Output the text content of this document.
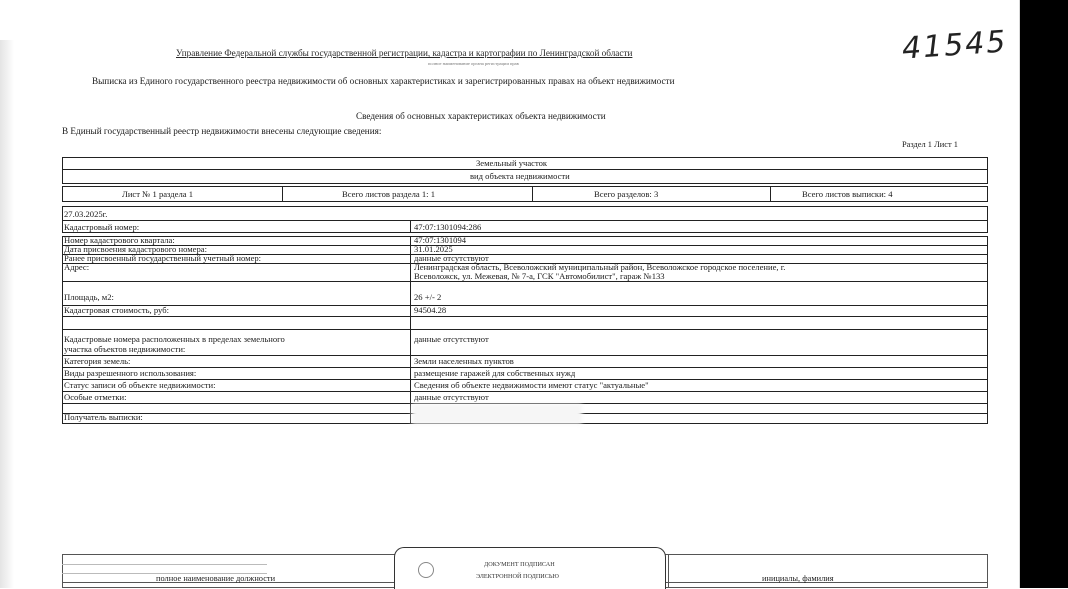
41545
Управление Федеральной службы государственной регистрации, кадастра и картографии по Ленинградской области
полное наименование органа регистрации прав
Выписка из Единого государственного реестра недвижимости об основных характеристиках и зарегистрированных правах на объект недвижимости
Сведения об основных характеристиках объекта недвижимости
В Единый государственный реестр недвижимости внесены следующие сведения:
Раздел 1 Лист 1
Земельный участок
вид объекта недвижимости
Лист № 1 раздела 1	Всего листов раздела 1: 1	Всего разделов: 3	Всего листов выписки: 4
27.03.2025г.
Кадастровый номер:	47:07:1301094:286
Номер кадастрового квартала:	47:07:1301094
Дата присвоения кадастрового номера:	31.01.2025
Ранее присвоенный государственный учетный номер:	данные отсутствуют
Адрес:	Ленинградская область, Всеволожский муниципальный район, Всеволожское городское поселение, г.
Всеволожск, ул. Межевая, № 7-а, ГСК "Автомобилист", гараж №133
Площадь, м2:	26 +/- 2
Кадастровая стоимость, руб:	94504.28
Кадастровые номера расположенных в пределах земельного
участка объектов недвижимости:
данные отсутствуют
Категория земель:	Земли населенных пунктов
Виды разрешенного использования:	размещение гаражей для собственных нужд
Статус записи об объекте недвижимости:	Сведения об объекте недвижимости имеют статус "актуальные"
Особые отметки:	данные отсутствуют
Получатель выписки:
полное наименование должности	инициалы, фамилия
ДОКУМЕНТ ПОДПИСАН
ЭЛЕКТРОННОЙ ПОДПИСЬЮ
